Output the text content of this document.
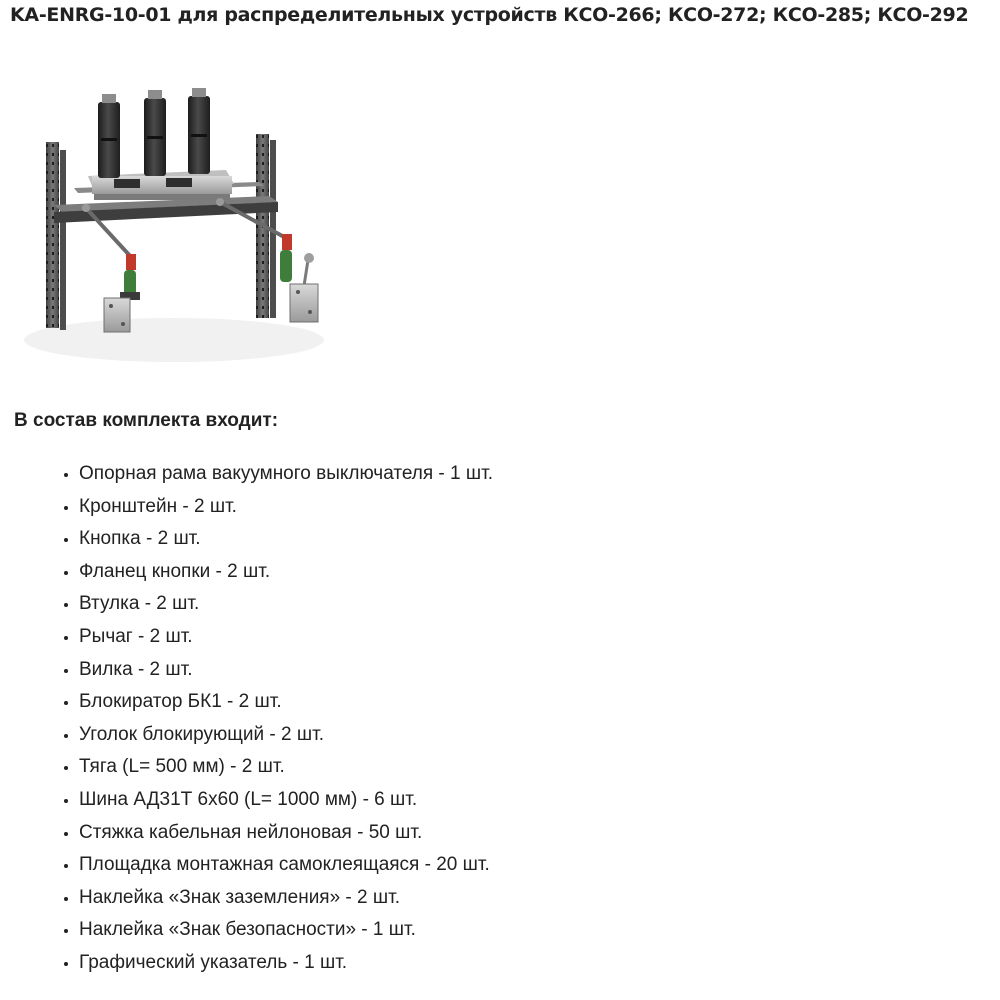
KA-ENRG-10-01 для распределительных устройств КСО-266; КСО-272; КСО-285; КСО-292
В состав комплекта входит:
• Опорная рама вакуумного выключателя - 1 шт.
• Кронштейн - 2 шт.
• Кнопка - 2 шт.
• Фланец кнопки - 2 шт.
• Втулка - 2 шт.
• Рычаг - 2 шт.
• Вилка - 2 шт.
• Блокиратор БК1 - 2 шт.
• Уголок блокирующий - 2 шт.
• Тяга (L= 500 мм) - 2 шт.
• Шина АД31Т 6х60 (L= 1000 мм) - 6 шт.
• Стяжка кабельная нейлоновая - 50 шт.
• Площадка монтажная самоклеящаяся - 20 шт.
• Наклейка «Знак заземления» - 2 шт.
• Наклейка «Знак безопасности» - 1 шт.
• Графический указатель - 1 шт.
